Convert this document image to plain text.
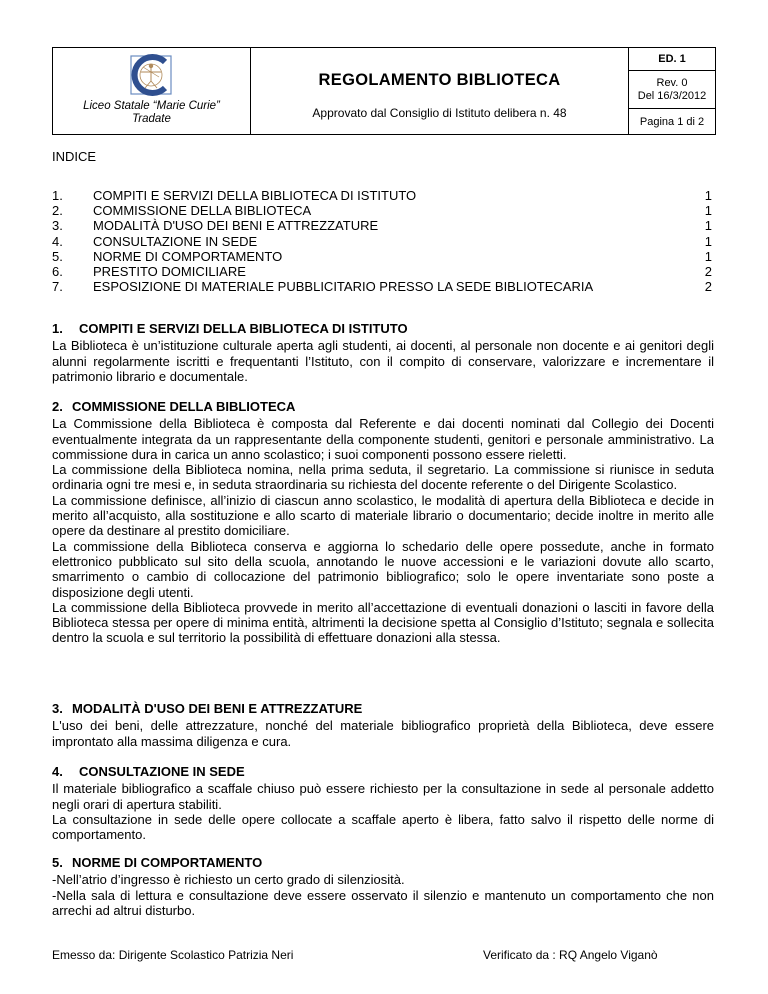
Liceo Statale “Marie Curie”
Tradate
REGOLAMENTO BIBLIOTECA
Approvato dal Consiglio di Istituto delibera n. 48
ED. 1
Rev. 0
Del 16/3/2012
Pagina 1 di 2
INDICE
1. COMPITI E SERVIZI DELLA BIBLIOTECA DI ISTITUTO	1
2. COMMISSIONE DELLA BIBLIOTECA	1
3. MODALITÀ D'USO DEI BENI E ATTREZZATURE	1
4. CONSULTAZIONE IN SEDE	1
5. NORME DI COMPORTAMENTO	1
6. PRESTITO DOMICILIARE	2
7. ESPOSIZIONE DI MATERIALE PUBBLICITARIO PRESSO LA SEDE BIBLIOTECARIA	2
1. COMPITI E SERVIZI DELLA BIBLIOTECA DI ISTITUTO

La Biblioteca è un’istituzione culturale aperta agli studenti, ai docenti, al personale non docente e ai genitori degli alunni regolarmente iscritti e frequentanti l’Istituto, con il compito di conservare, valorizzare e incrementare il patrimonio librario e documentale.

2. COMMISSIONE DELLA BIBLIOTECA

La Commissione della Biblioteca è composta dal Referente e dai docenti nominati dal Collegio dei Docenti eventualmente integrata da un rappresentante della componente studenti, genitori e personale amministrativo. La commissione dura in carica un anno scolastico; i suoi componenti possono essere rieletti.

La commissione della Biblioteca nomina, nella prima seduta, il segretario. La commissione si riunisce in seduta ordinaria ogni tre mesi e, in seduta straordinaria su richiesta del docente referente o del Dirigente Scolastico.

La commissione definisce, all’inizio di ciascun anno scolastico, le modalità di apertura della Biblioteca e decide in merito all’acquisto, alla sostituzione e allo scarto di materiale librario o documentario; decide inoltre in merito alle opere da destinare al prestito domiciliare.

La commissione della Biblioteca conserva e aggiorna lo schedario delle opere possedute, anche in formato elettronico pubblicato sul sito della scuola, annotando le nuove accessioni e le variazioni dovute allo scarto, smarrimento o cambio di collocazione del patrimonio bibliografico; solo le opere inventariate sono poste a disposizione degli utenti.

La commissione della Biblioteca provvede in merito all’accettazione di eventuali donazioni o lasciti in favore della Biblioteca stessa per opere di minima entità, altrimenti la decisione spetta al Consiglio d’Istituto; segnala e sollecita dentro la scuola e sul territorio la possibilità di effettuare donazioni alla stessa.

3. MODALITÀ D'USO DEI BENI E ATTREZZATURE

L'uso dei beni, delle attrezzature, nonché del materiale bibliografico proprietà della Biblioteca, deve essere improntato alla massima diligenza e cura.

4. CONSULTAZIONE IN SEDE

Il materiale bibliografico a scaffale chiuso può essere richiesto per la consultazione in sede al personale addetto negli orari di apertura stabiliti.

La consultazione in sede delle opere collocate a scaffale aperto è libera, fatto salvo il rispetto delle norme di comportamento.

5. NORME DI COMPORTAMENTO

-Nell’atrio d’ingresso è richiesto un certo grado di silenziosità.

-Nella sala di lettura e consultazione deve essere osservato il silenzio e mantenuto un comportamento che non arrechi ad altrui disturbo.

Emesso da: Dirigente Scolastico Patrizia Neri	Verificato da : RQ Angelo Viganò
